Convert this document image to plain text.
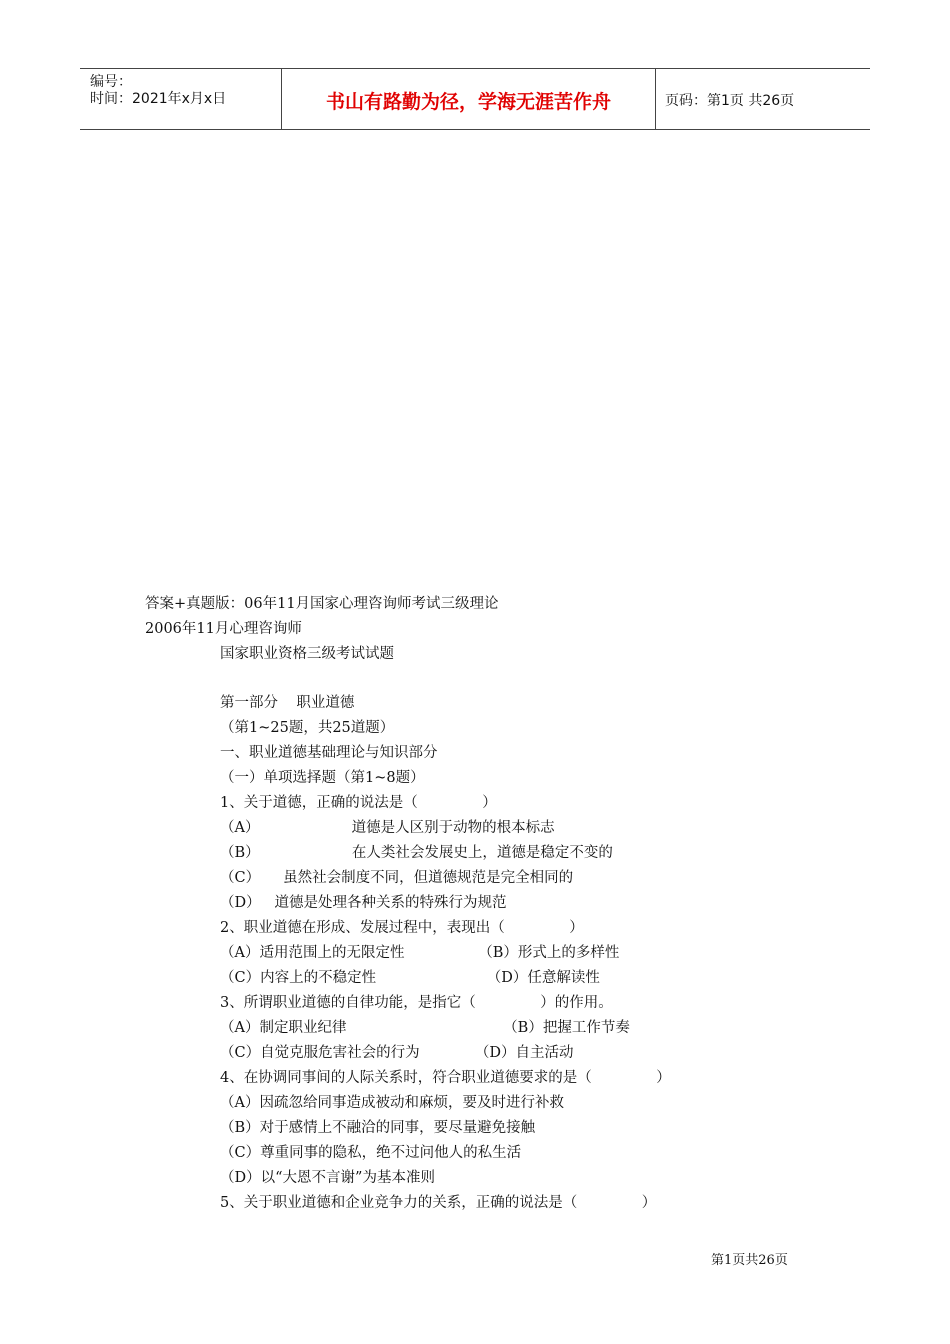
编号：
时间：2021年x月x日	书山有路勤为径，学海无涯苦作舟	页码：第1页 共26页
答案+真题版：06年11月国家心理咨询师考试三级理论
2006年11月心理咨询师
国家职业资格三级考试试题
第一部分    职业道德
（第1~25题，共25道题）
一、职业道德基础理论与知识部分
（一）单项选择题（第1~8题）
1、关于道德，正确的说法是（              ）
（A）                    道德是人区别于动物的根本标志
（B）                    在人类社会发展史上，道德是稳定不变的
（C）     虽然社会制度不同，但道德规范是完全相同的
（D）   道德是处理各种关系的特殊行为规范
2、职业道德在形成、发展过程中，表现出（              ）
（A）适用范围上的无限定性                （B）形式上的多样性
（C）内容上的不稳定性                        （D）任意解读性
3、所谓职业道德的自律功能，是指它（              ）的作用。
（A）制定职业纪律                                  （B）把握工作节奏
（C）自觉克服危害社会的行为            （D）自主活动
4、在协调同事间的人际关系时，符合职业道德要求的是（              ）
（A）因疏忽给同事造成被动和麻烦，要及时进行补救
（B）对于感情上不融洽的同事，要尽量避免接触
（C）尊重同事的隐私，绝不过问他人的私生活
（D）以“大恩不言谢”为基本准则
5、关于职业道德和企业竞争力的关系，正确的说法是（              ）
第1页共26页
